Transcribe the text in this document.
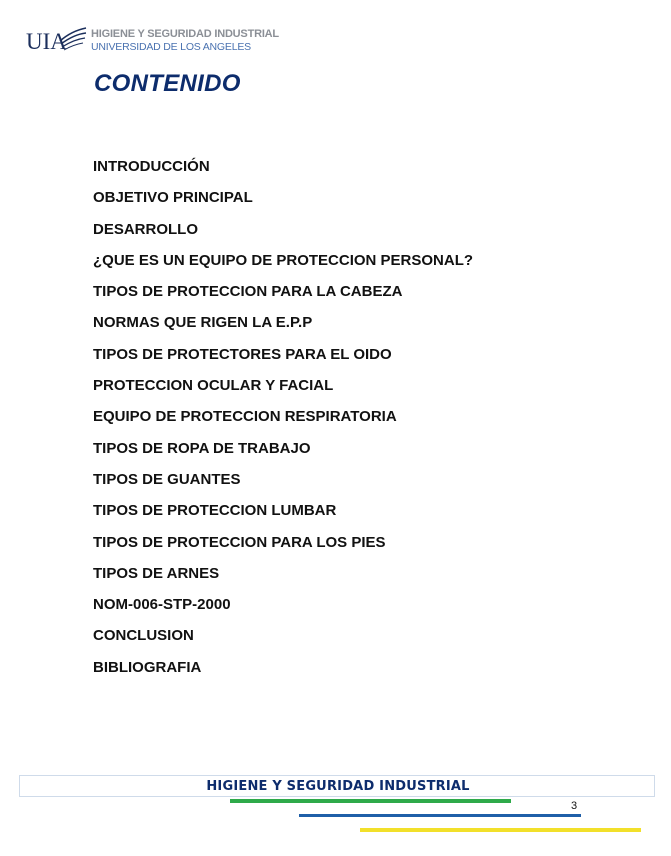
UIA HIGIENE Y SEGURIDAD INDUSTRIAL
UNIVERSIDAD DE LOS ANGELES
CONTENIDO
INTRODUCCIÓN
OBJETIVO PRINCIPAL
DESARROLLO
¿QUE ES UN EQUIPO DE PROTECCION PERSONAL?
TIPOS DE PROTECCION PARA LA CABEZA
NORMAS QUE RIGEN LA E.P.P
TIPOS DE PROTECTORES PARA EL OIDO
PROTECCION OCULAR Y FACIAL
EQUIPO DE PROTECCION RESPIRATORIA
TIPOS DE ROPA DE TRABAJO
TIPOS DE GUANTES
TIPOS DE PROTECCION LUMBAR
TIPOS DE PROTECCION PARA LOS PIES
TIPOS DE ARNES
NOM-006-STP-2000
CONCLUSION
BIBLIOGRAFIA
HIGIENE Y SEGURIDAD INDUSTRIAL
3
